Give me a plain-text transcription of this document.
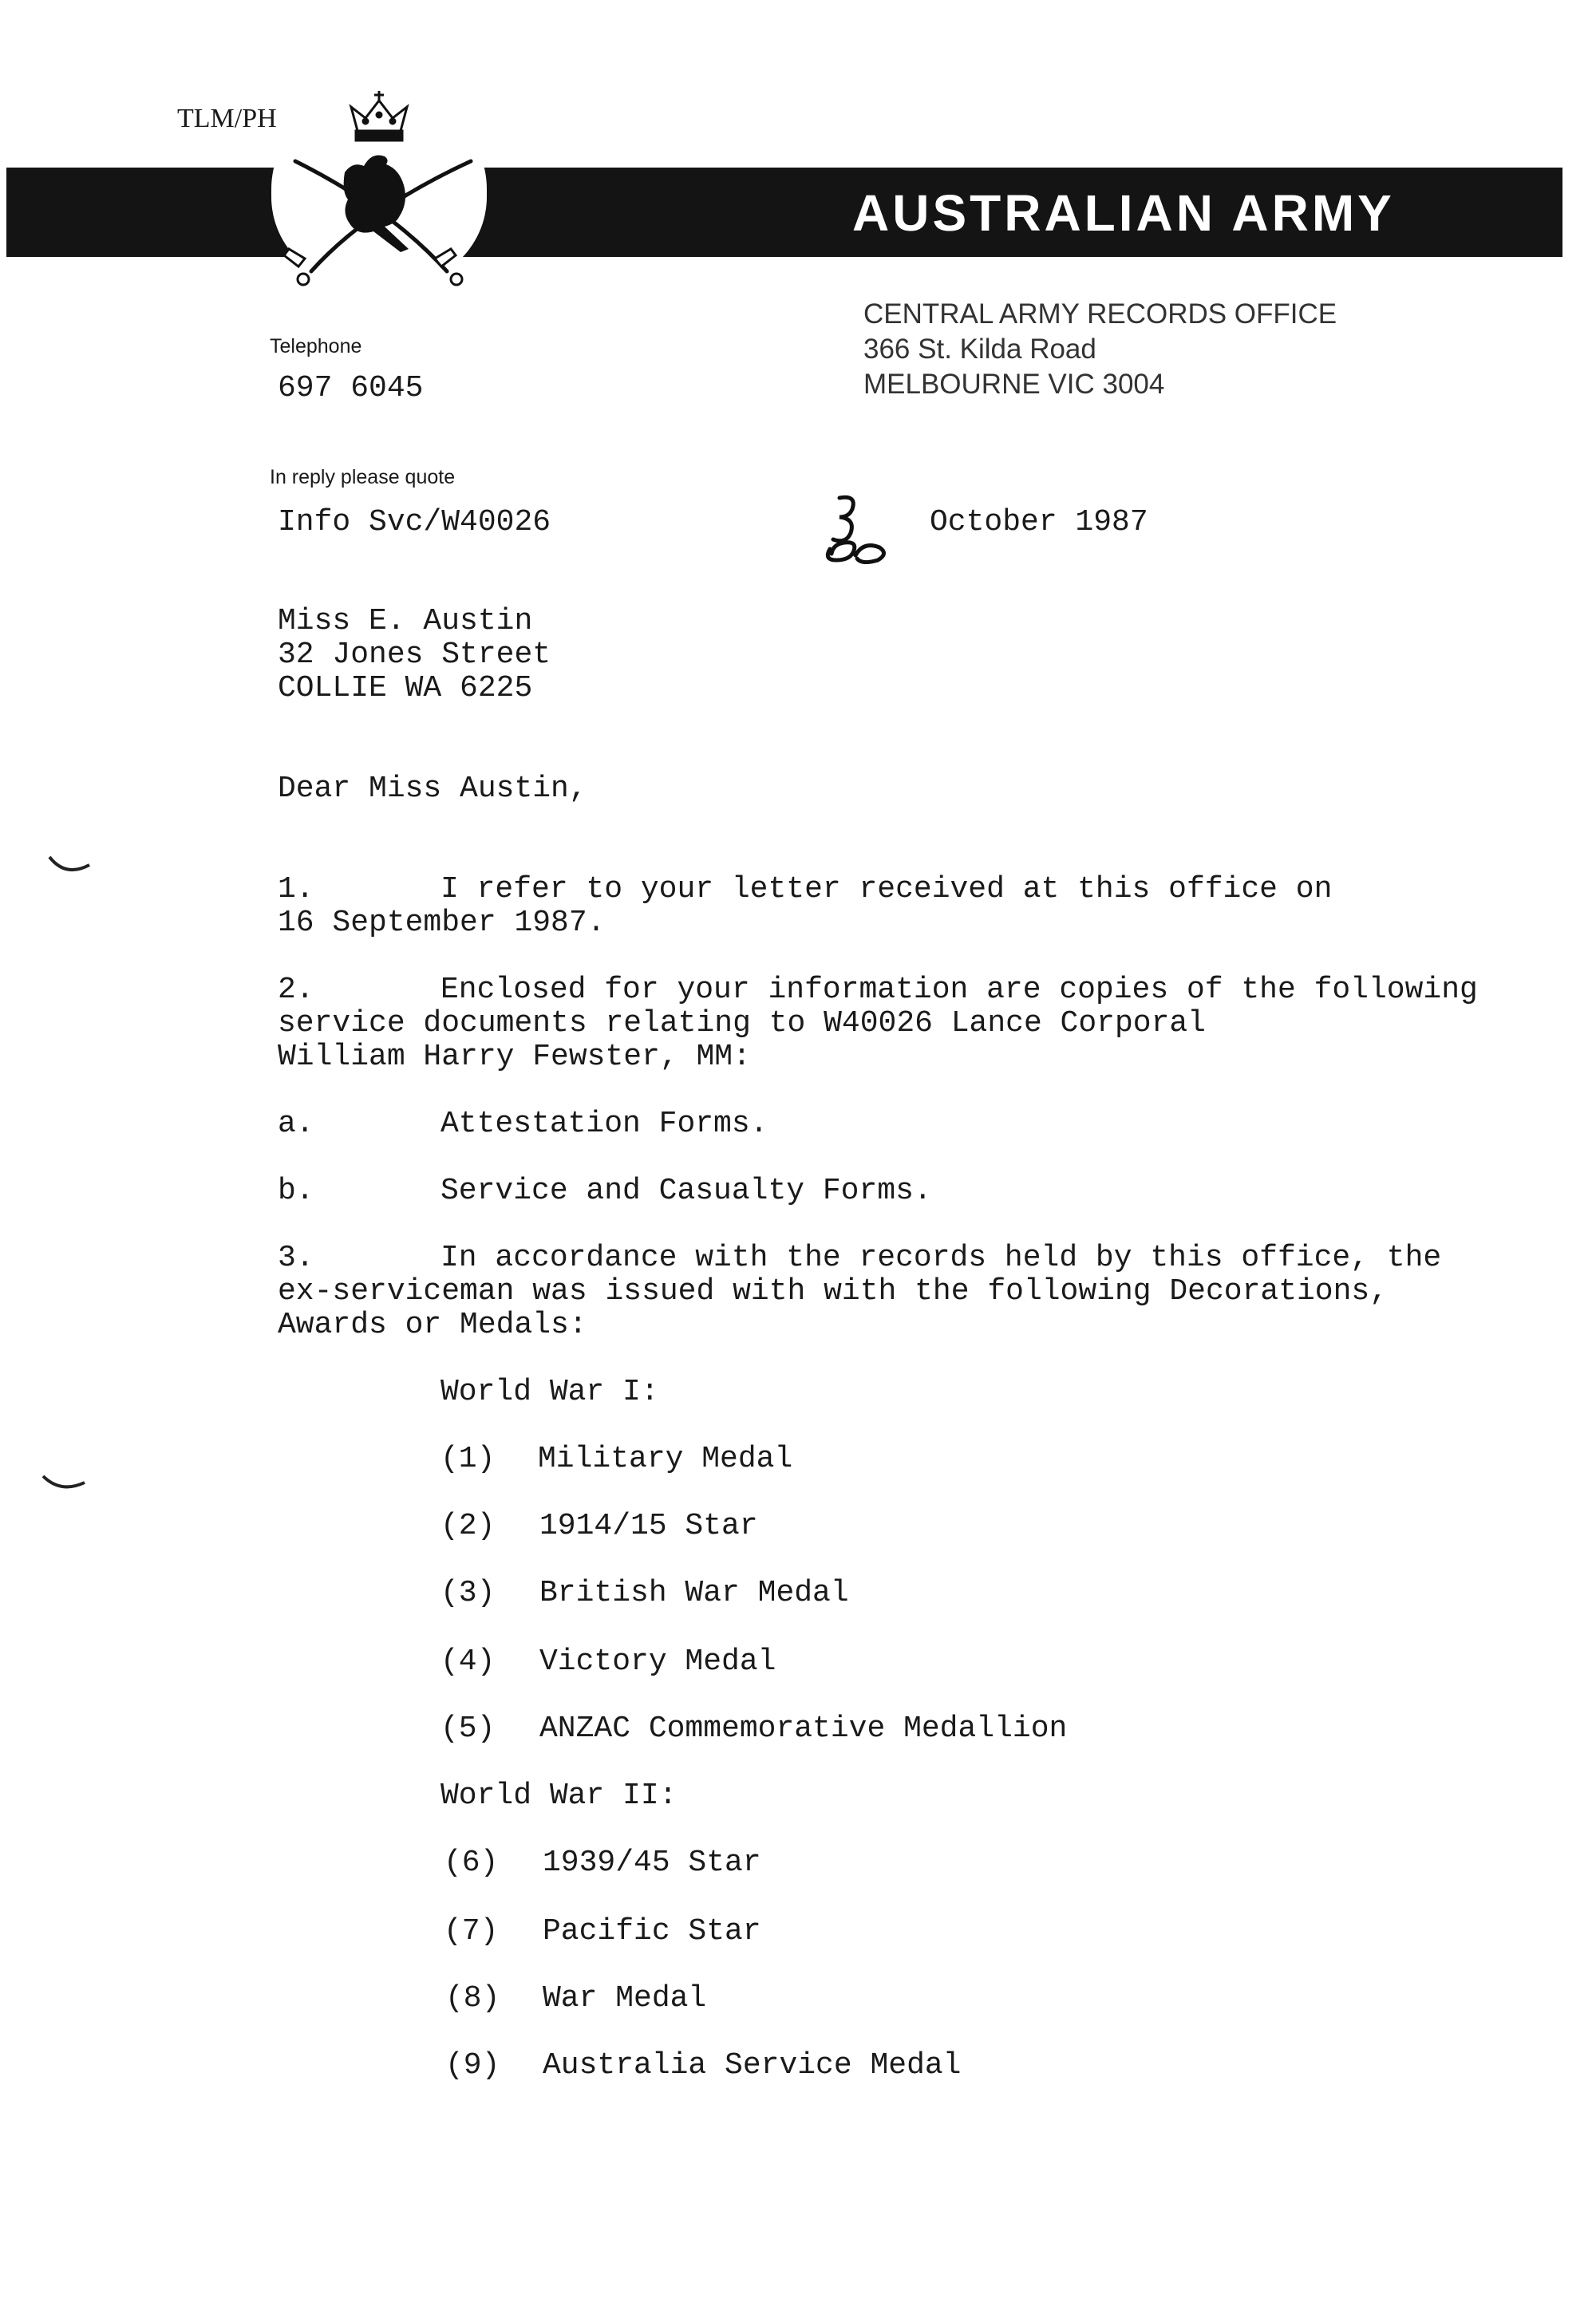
TLM/PH
AUSTRALIAN ARMY
Telephone
697 6045
CENTRAL ARMY RECORDS OFFICE
366 St. Kilda Road
MELBOURNE VIC 3004
In reply please quote
Info Svc/W40026	October 1987
Miss E. Austin
32 Jones Street
COLLIE WA 6225
Dear Miss Austin,
1.	I refer to your letter received at this office on
16 September 1987.
2.	Enclosed for your information are copies of the following
service documents relating to W40026 Lance Corporal
William Harry Fewster, MM:
a.	Attestation Forms.
b.	Service and Casualty Forms.
3.	In accordance with the records held by this office, the
ex-serviceman was issued with with the following Decorations,
Awards or Medals:
World War I:
(1) Military Medal
(2) 1914/15 Star
(3) British War Medal
(4) Victory Medal
(5) ANZAC Commemorative Medallion
World War II:
(6) 1939/45 Star
(7) Pacific Star
(8) War Medal
(9) Australia Service Medal
